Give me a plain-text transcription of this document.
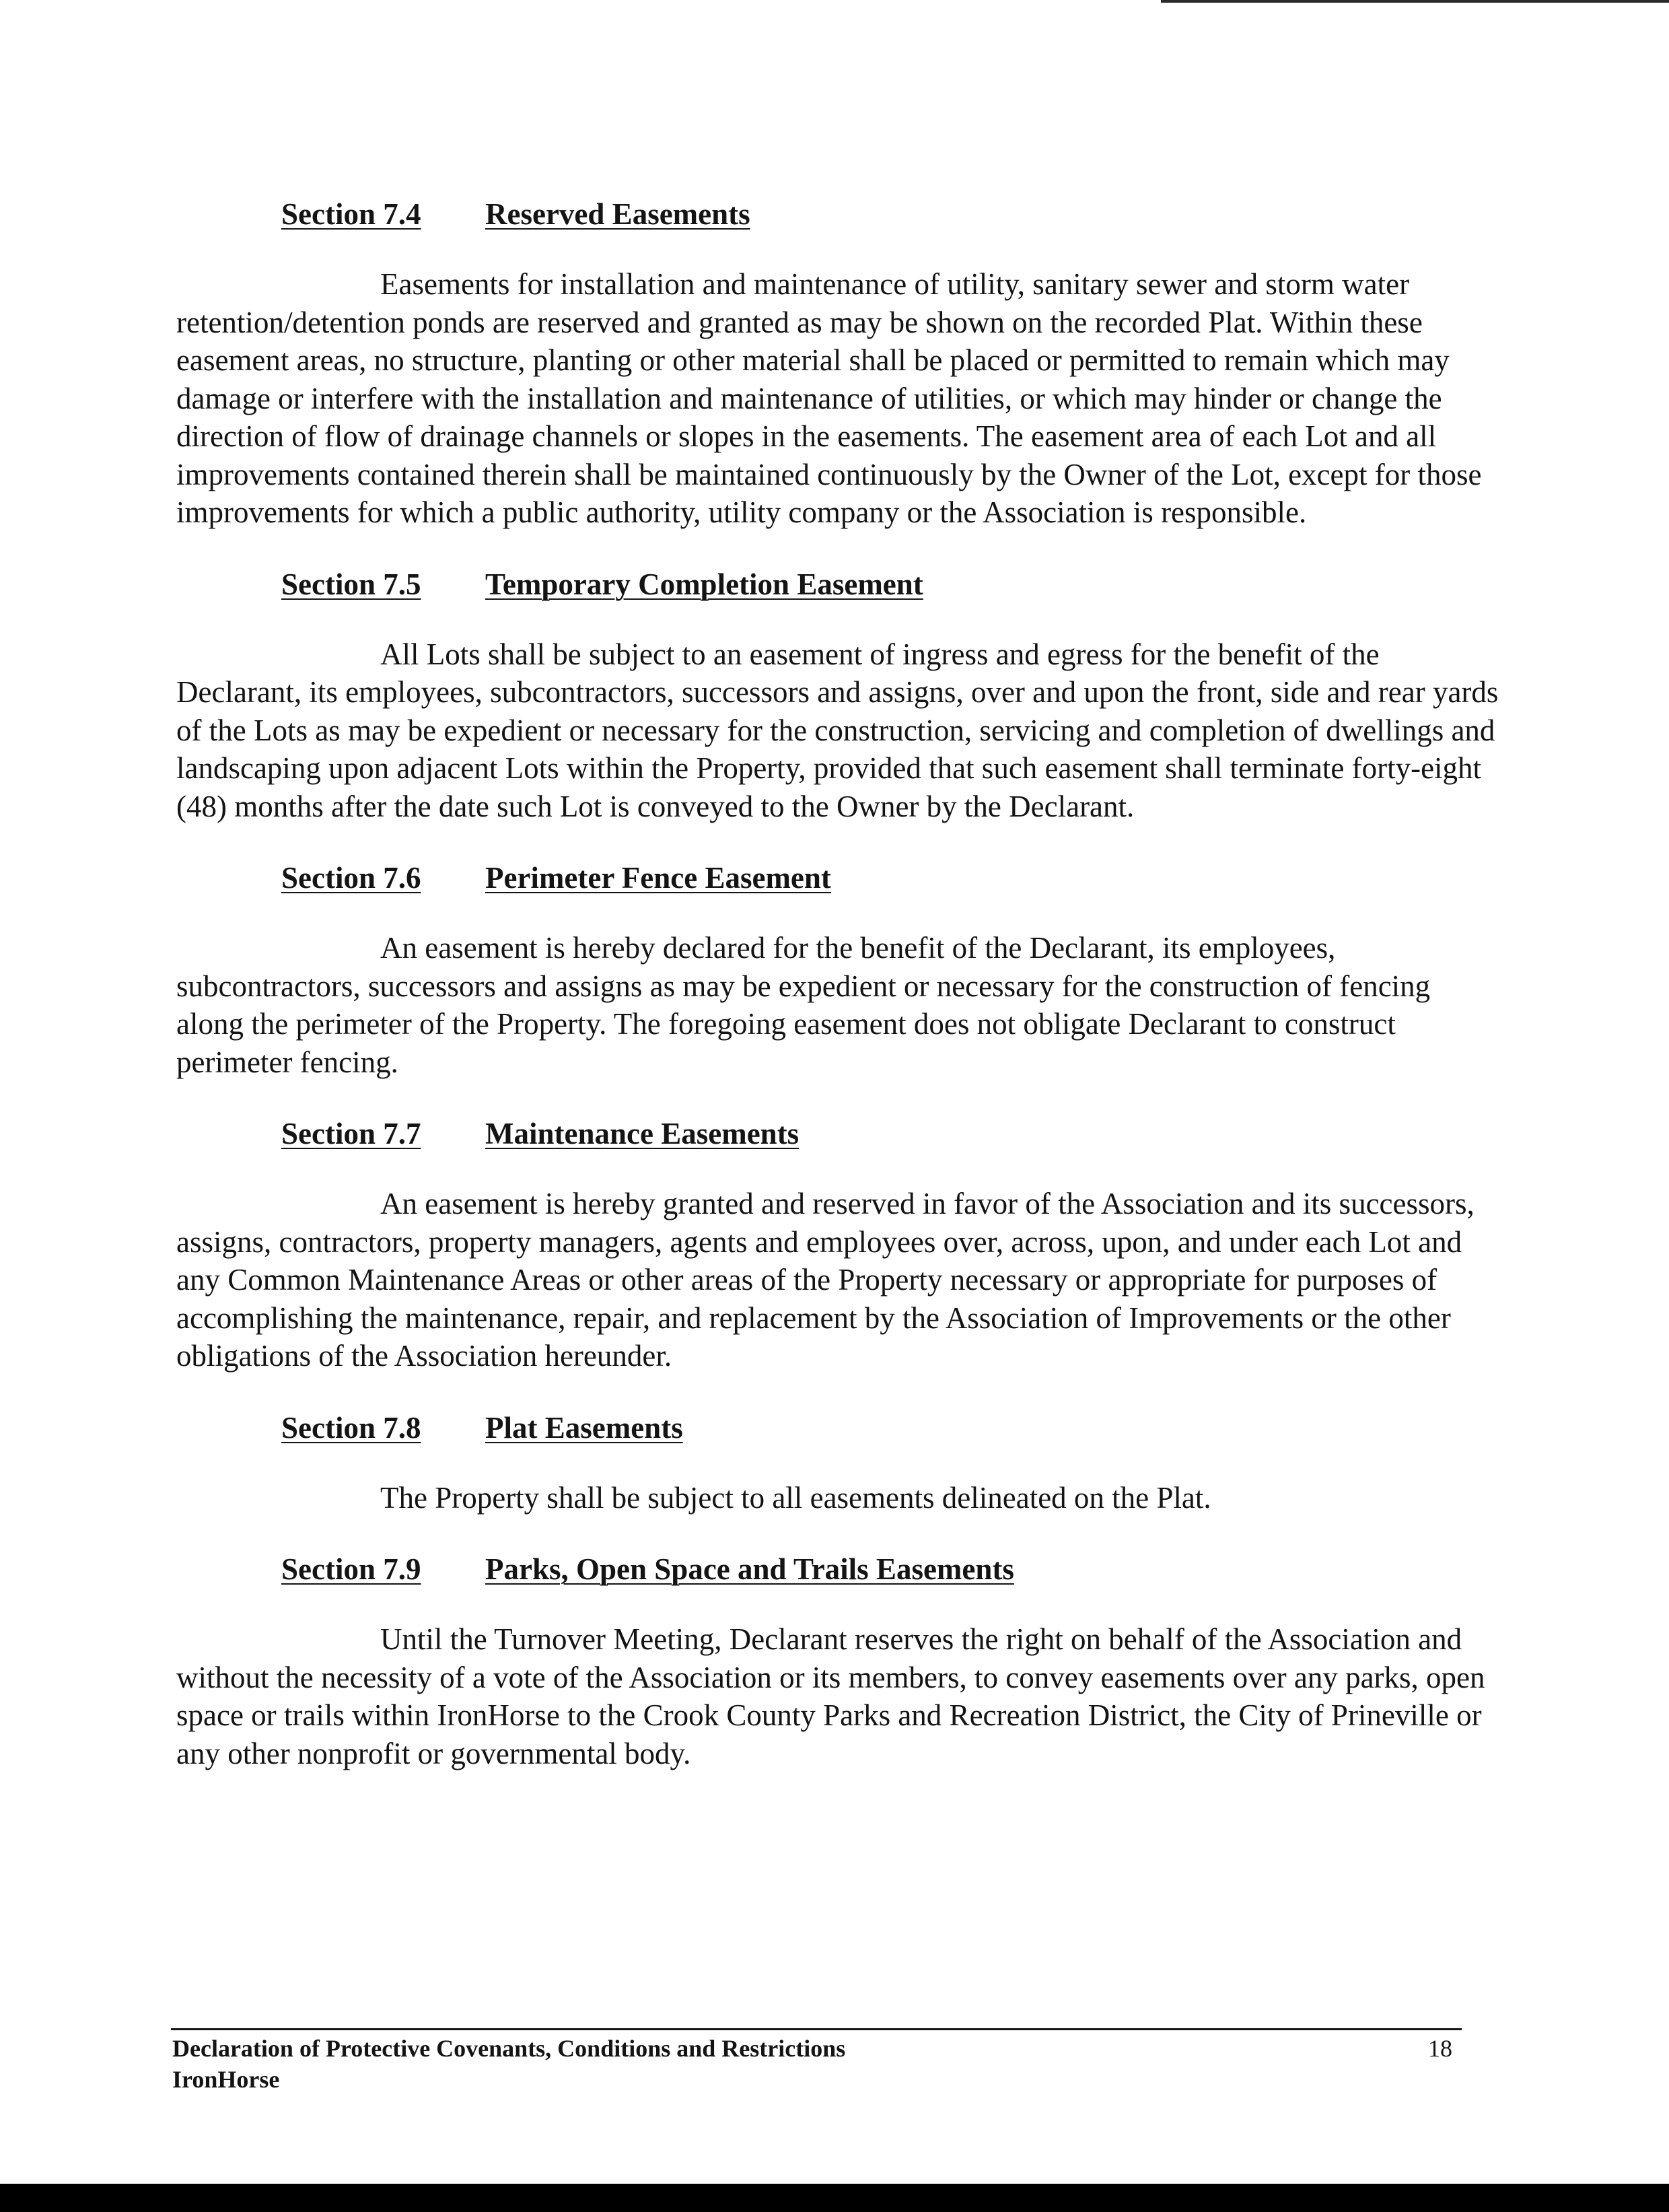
Section 7.4 Reserved Easements

Easements for installation and maintenance of utility, sanitary sewer and storm water retention/detention ponds are reserved and granted as may be shown on the recorded Plat. Within these easement areas, no structure, planting or other material shall be placed or permitted to remain which may damage or interfere with the installation and maintenance of utilities, or which may hinder or change the direction of flow of drainage channels or slopes in the easements. The easement area of each Lot and all improvements contained therein shall be maintained continuously by the Owner of the Lot, except for those improvements for which a public authority, utility company or the Association is responsible.

Section 7.5 Temporary Completion Easement

All Lots shall be subject to an easement of ingress and egress for the benefit of the Declarant, its employees, subcontractors, successors and assigns, over and upon the front, side and rear yards of the Lots as may be expedient or necessary for the construction, servicing and completion of dwellings and landscaping upon adjacent Lots within the Property, provided that such easement shall terminate forty-eight (48) months after the date such Lot is conveyed to the Owner by the Declarant.

Section 7.6 Perimeter Fence Easement

An easement is hereby declared for the benefit of the Declarant, its employees, subcontractors, successors and assigns as may be expedient or necessary for the construction of fencing along the perimeter of the Property. The foregoing easement does not obligate Declarant to construct perimeter fencing.

Section 7.7 Maintenance Easements

An easement is hereby granted and reserved in favor of the Association and its successors, assigns, contractors, property managers, agents and employees over, across, upon, and under each Lot and any Common Maintenance Areas or other areas of the Property necessary or appropriate for purposes of accomplishing the maintenance, repair, and replacement by the Association of Improvements or the other obligations of the Association hereunder.

Section 7.8 Plat Easements

The Property shall be subject to all easements delineated on the Plat.

Section 7.9 Parks, Open Space and Trails Easements

Until the Turnover Meeting, Declarant reserves the right on behalf of the Association and without the necessity of a vote of the Association or its members, to convey easements over any parks, open space or trails within IronHorse to the Crook County Parks and Recreation District, the City of Prineville or any other nonprofit or governmental body.

Declaration of Protective Covenants, Conditions and Restrictions
IronHorse
18
